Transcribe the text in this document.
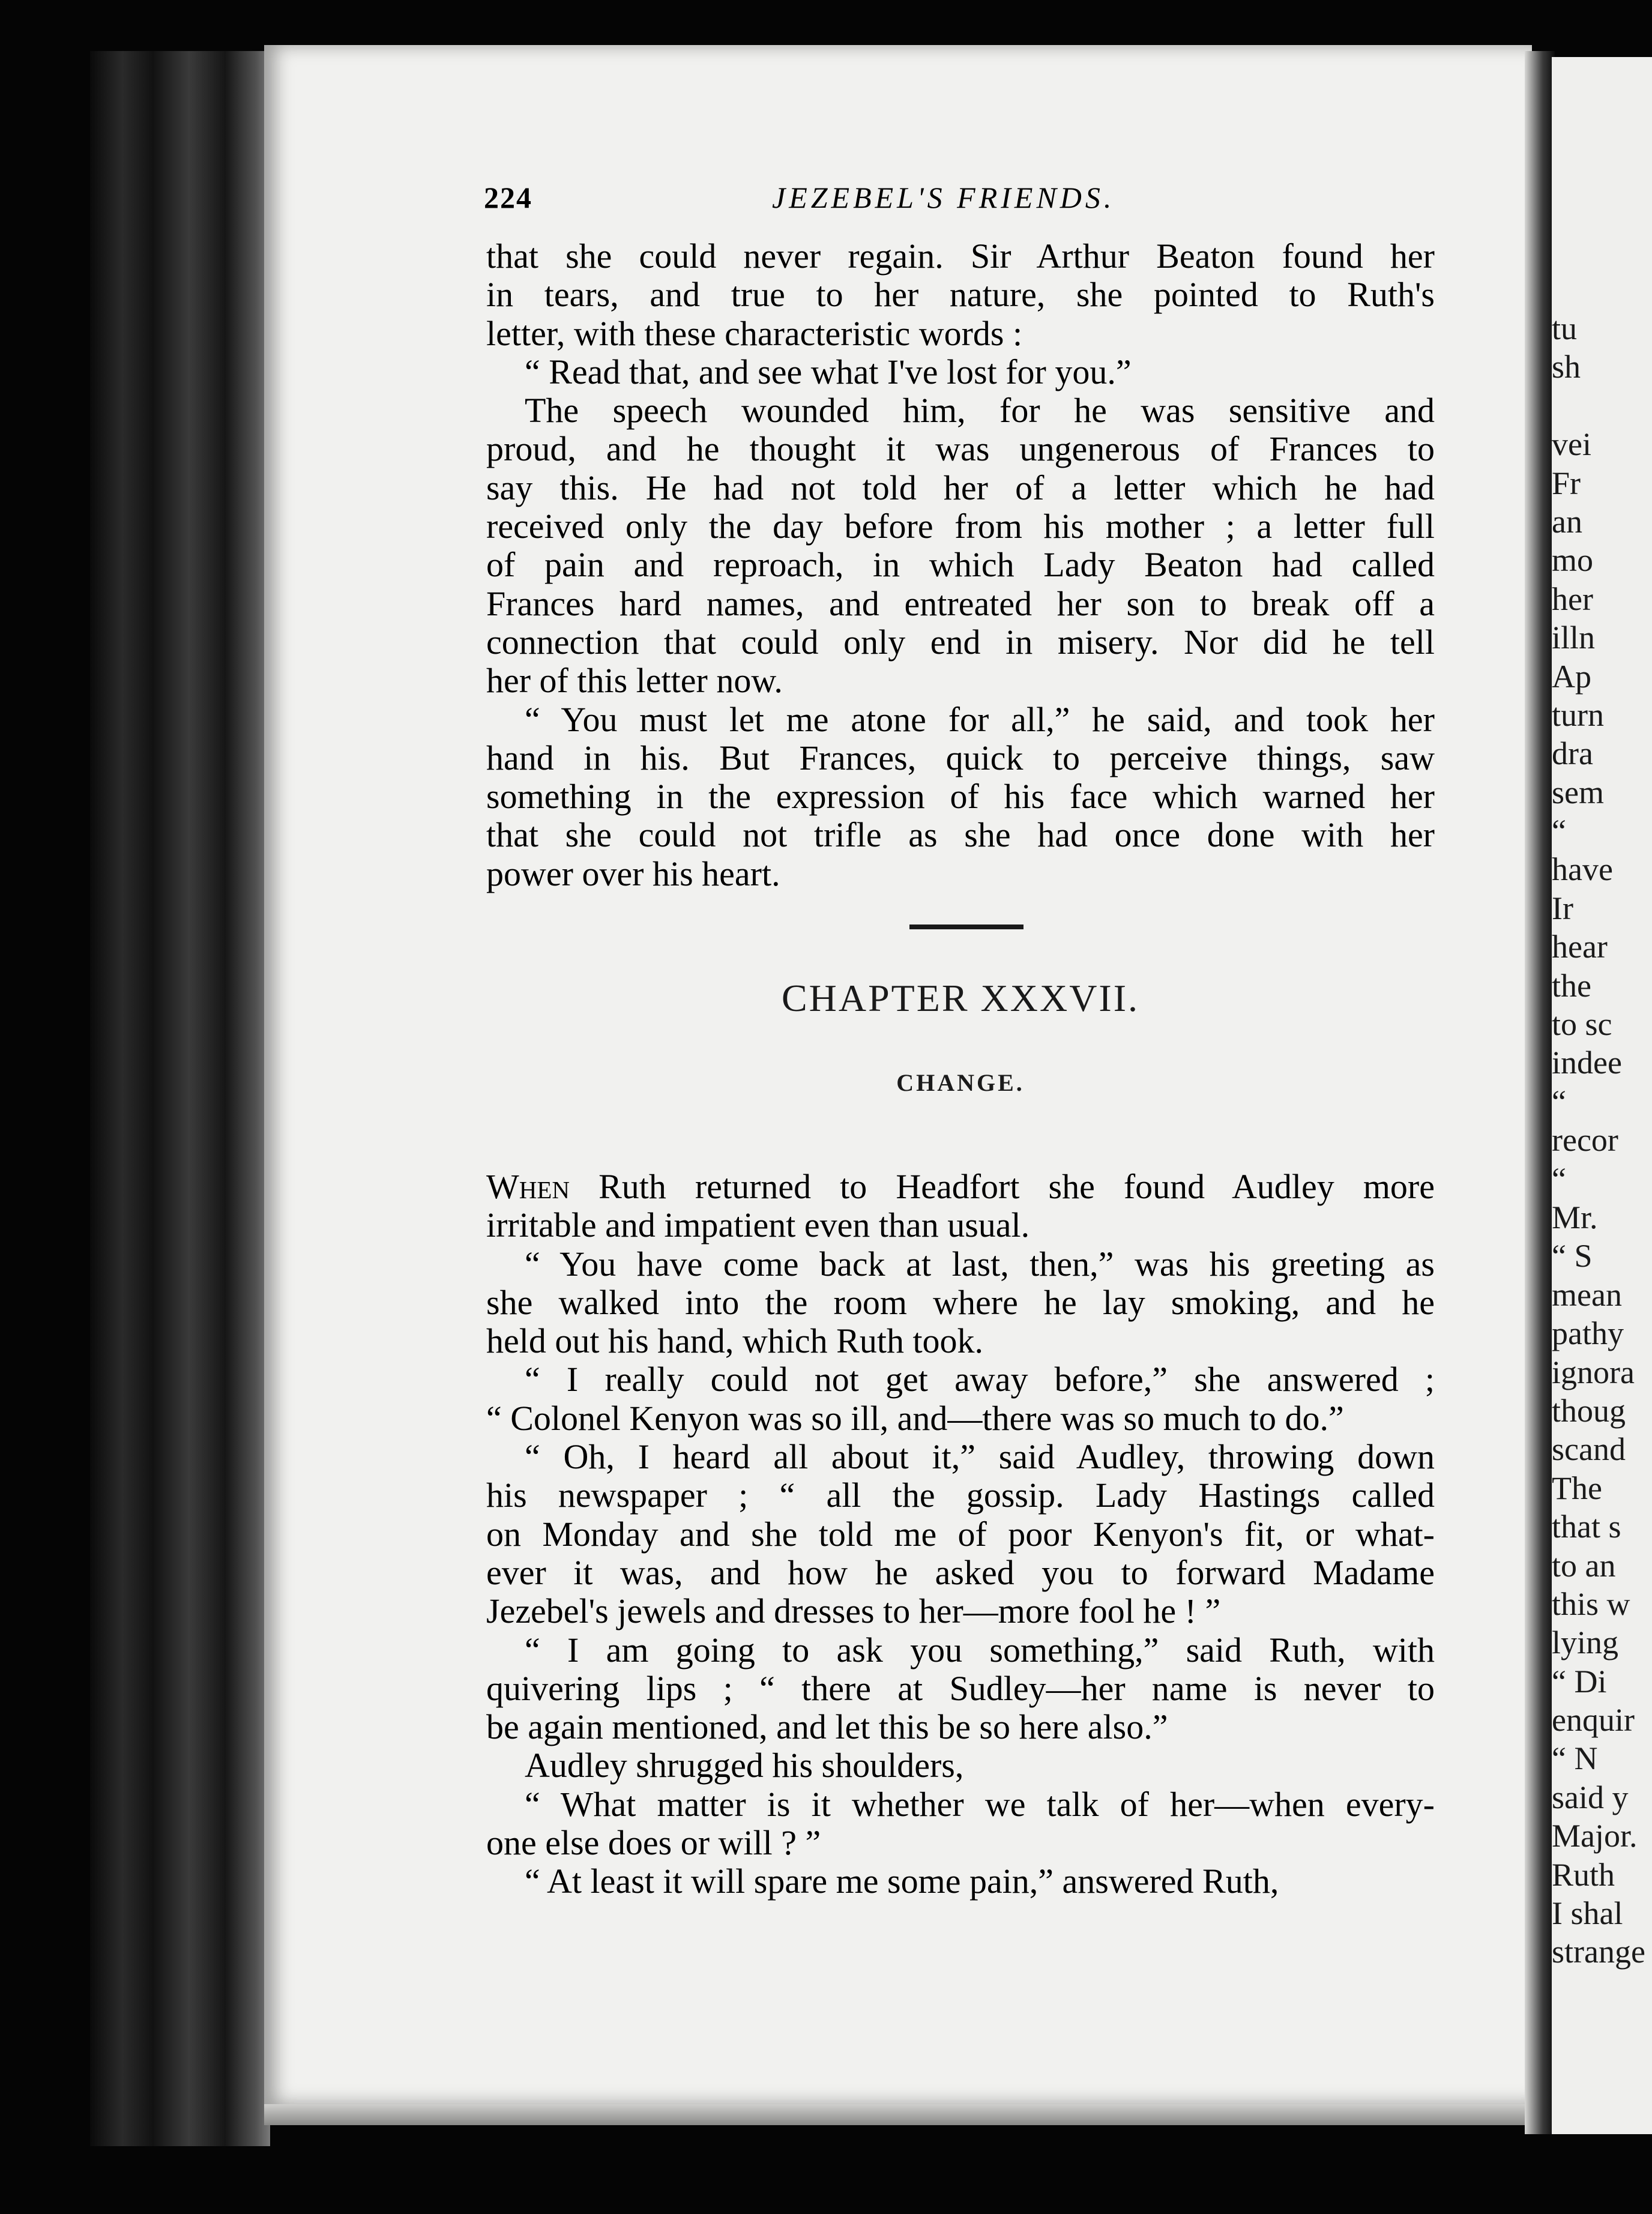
tu
sh
vei
Fr
an
mo
her
illn
Ap
turn
dra
sem
“
have
Ir
hear
the
to sc
indee
“
recor
“
Mr.
“ S
mean
pathy
ignora
thoug
scand
The
that s
to an
this w
lying
“ Di
enquir
“ N
said y
Major.
Ruth
I shal
strange
224	JEZEBEL'S FRIENDS.

that she could never regain. Sir Arthur Beaton found her

in tears, and true to her nature, she pointed to Ruth's

letter, with these characteristic words :

“ Read that, and see what I've lost for you.”

The speech wounded him, for he was sensitive and

proud, and he thought it was ungenerous of Frances to

say this. He had not told her of a letter which he had

received only the day before from his mother ; a letter full

of pain and reproach, in which Lady Beaton had called

Frances hard names, and entreated her son to break off a

connection that could only end in misery. Nor did he tell

her of this letter now.

“ You must let me atone for all,” he said, and took her

hand in his. But Frances, quick to perceive things, saw

something in the expression of his face which warned her

that she could not trifle as she had once done with her

power over his heart.

CHAPTER XXXVII.
CHANGE.

When Ruth returned to Headfort she found Audley more

irritable and impatient even than usual.

“ You have come back at last, then,” was his greeting as

she walked into the room where he lay smoking, and he

held out his hand, which Ruth took.

“ I really could not get away before,” she answered ;

“ Colonel Kenyon was so ill, and—there was so much to do.”

“ Oh, I heard all about it,” said Audley, throwing down

his newspaper ; “ all the gossip. Lady Hastings called

on Monday and she told me of poor Kenyon's fit, or what-

ever it was, and how he asked you to forward Madame

Jezebel's jewels and dresses to her—more fool he ! ”

“ I am going to ask you something,” said Ruth, with

quivering lips ; “ there at Sudley—her name is never to

be again mentioned, and let this be so here also.”

Audley shrugged his shoulders,

“ What matter is it whether we talk of her—when every-

one else does or will ? ”

“ At least it will spare me some pain,” answered Ruth,
